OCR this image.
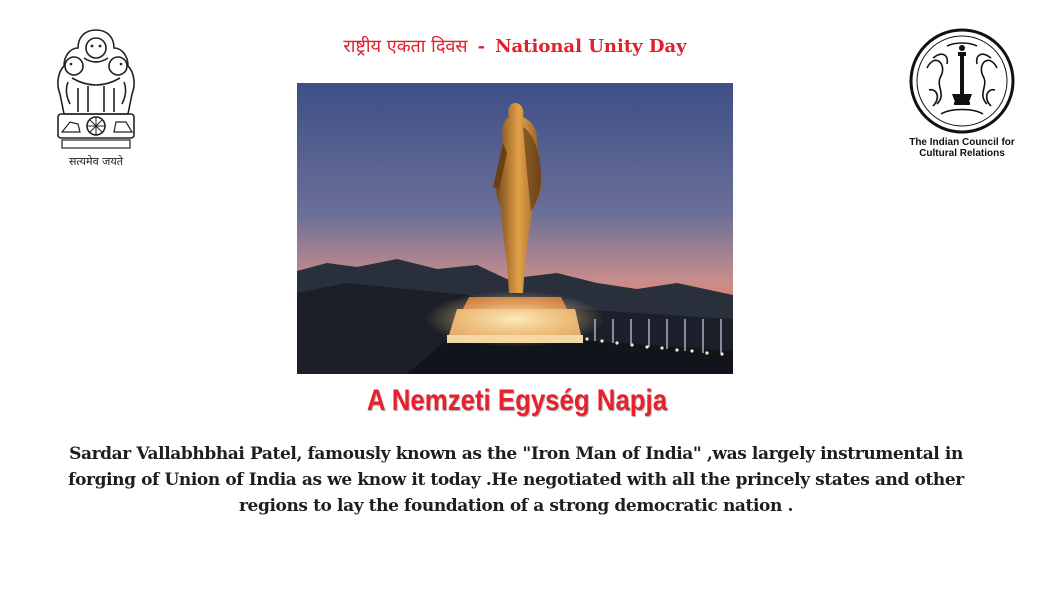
सत्यमेव जयते
राष्ट्रीय एकता दिवस - National Unity Day
The Indian Council for
Cultural Relations
A Nemzeti Egység Napja
Sardar Vallabhbhai Patel, famously known as the "Iron Man of India" ,was largely instrumental in forging of Union of India as we know it today .He negotiated with all the princely states and other regions to lay the foundation of a strong democratic nation .
